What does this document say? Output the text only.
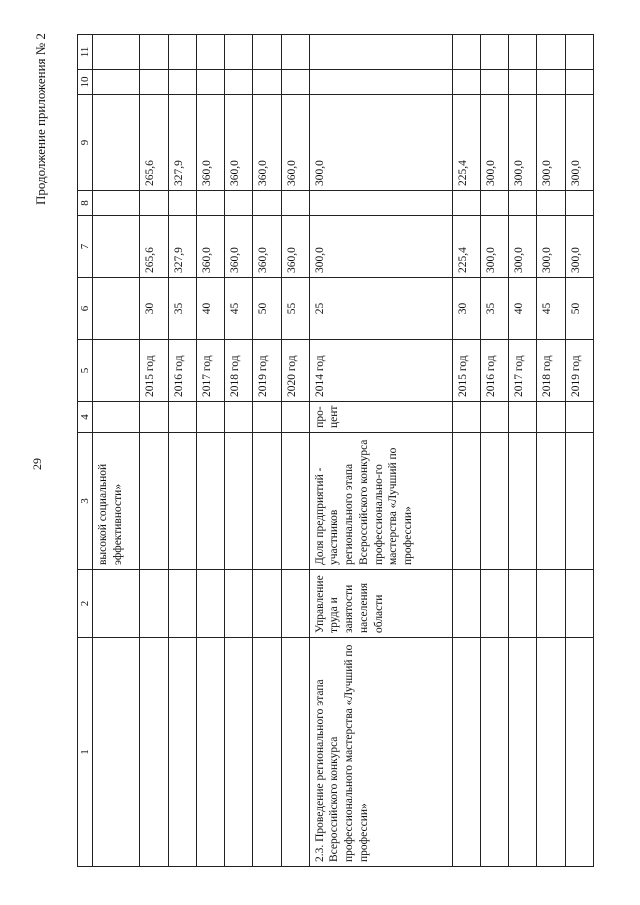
29
Продолжение приложения № 2
1	2	3	4	5	6	7	8	9	10	11
		высокой социальной эффективности»								
				2015 год	30	265,6		265,6		
				2016 год	35	327,9		327,9		
				2017 год	40	360,0		360,0		
				2018 год	45	360,0		360,0		
				2019 год	50	360,0		360,0		
				2020 год	55	360,0		360,0		
2.3. Проведение регионального этапа Всероссийского конкурса профессионального мастерства «Лучший по профессии»	Управление труда и занятости населения области	Доля предприятий - участников регионального этапа Всероссийского конкурса профессионально-го мастерства «Лучший по профессии»	про-цент	2014 год	25	300,0		300,0		
				2015 год	30	225,4		225,4		
				2016 год	35	300,0		300,0		
				2017 год	40	300,0		300,0		
				2018 год	45	300,0		300,0		
				2019 год	50	300,0		300,0		
